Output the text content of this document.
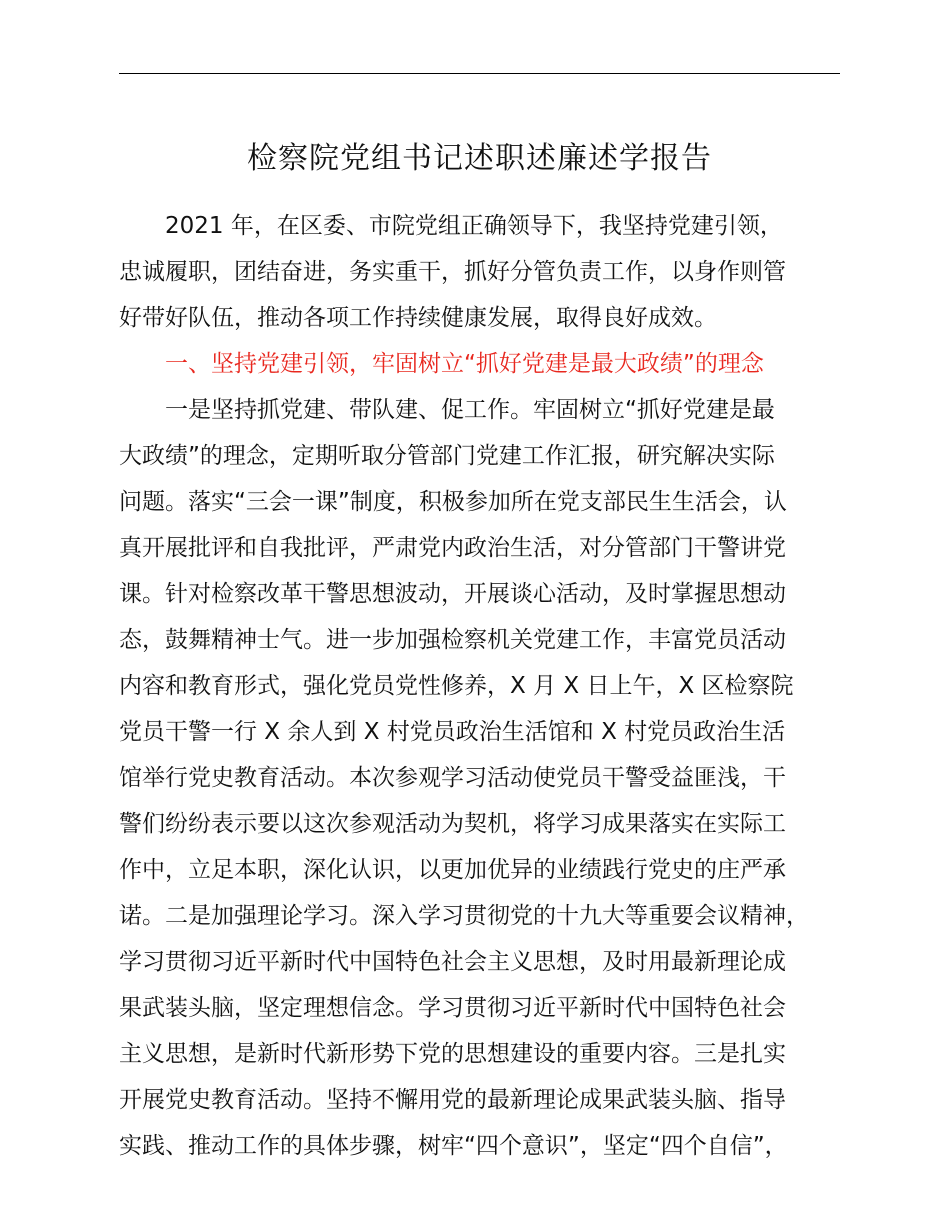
检察院党组书记述职述廉述学报告
2021 年，在区委、市院党组正确领导下，我坚持党建引领，
忠诚履职，团结奋进，务实重干，抓好分管负责工作，以身作则管
好带好队伍，推动各项工作持续健康发展，取得良好成效。
一、坚持党建引领，牢固树立“抓好党建是最大政绩”的理念
一是坚持抓党建、带队建、促工作。牢固树立“抓好党建是最
大政绩”的理念，定期听取分管部门党建工作汇报，研究解决实际
问题。落实“三会一课”制度，积极参加所在党支部民生生活会，认
真开展批评和自我批评，严肃党内政治生活，对分管部门干警讲党
课。针对检察改革干警思想波动，开展谈心活动，及时掌握思想动
态，鼓舞精神士气。进一步加强检察机关党建工作，丰富党员活动
内容和教育形式，强化党员党性修养，X 月 X 日上午，X 区检察院
党员干警一行 X 余人到 X 村党员政治生活馆和 X 村党员政治生活
馆举行党史教育活动。本次参观学习活动使党员干警受益匪浅，干
警们纷纷表示要以这次参观活动为契机，将学习成果落实在实际工
作中，立足本职，深化认识，以更加优异的业绩践行党史的庄严承
诺。二是加强理论学习。深入学习贯彻党的十九大等重要会议精神，
学习贯彻习近平新时代中国特色社会主义思想，及时用最新理论成
果武装头脑，坚定理想信念。学习贯彻习近平新时代中国特色社会
主义思想，是新时代新形势下党的思想建设的重要内容。三是扎实
开展党史教育活动。坚持不懈用党的最新理论成果武装头脑、指导
实践、推动工作的具体步骤，树牢“四个意识”，坚定“四个自信”，
